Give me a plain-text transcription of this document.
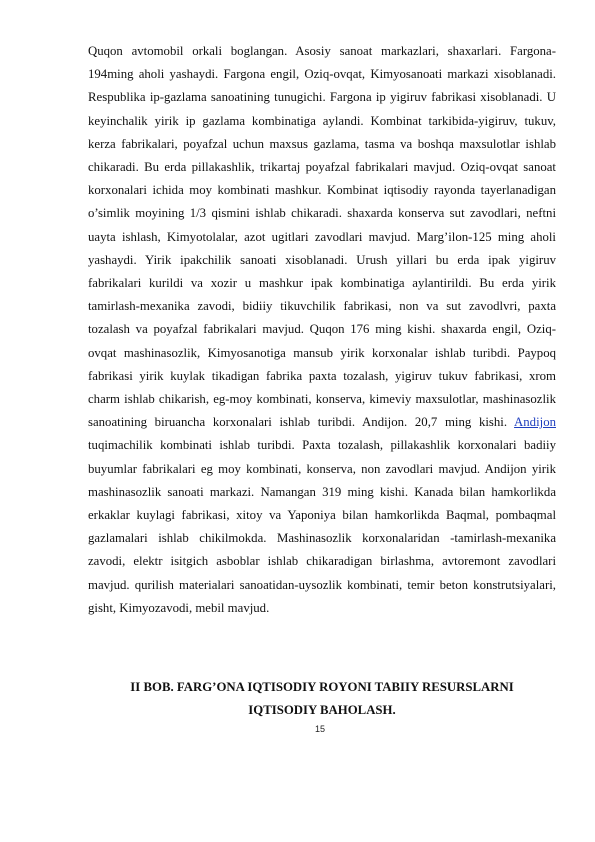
Quqon avtomobil orkali boglangan. Asosiy sanoat markazlari, shaxarlari. Fargona-194ming aholi yashaydi. Fargona engil, Oziq-ovqat, Kimyosanoati markazi xisoblanadi. Respublika ip-gazlama sanoatining tunugichi. Fargona ip yigiruv fabrikasi xisoblanadi. U keyinchalik yirik ip gazlama kombinatiga aylandi. Kombinat tarkibida-yigiruv, tukuv, kerza fabrikalari, poyafzal uchun maxsus gazlama, tasma va boshqa maxsulotlar ishlab chikaradi. Bu erda pillakashlik, trikartaj poyafzal fabrikalari mavjud. Oziq-ovqat sanoat korxonalari ichida moy kombinati mashkur. Kombinat iqtisodiy rayonda tayerlanadigan o’simlik moyining 1/3 qismini ishlab chikaradi. shaxarda konserva sut zavodlari, neftni uayta ishlash, Kimyotolalar, azot ugitlari zavodlari mavjud. Marg’ilon-125 ming aholi yashaydi. Yirik ipakchilik sanoati xisoblanadi. Urush yillari bu erda ipak yigiruv fabrikalari kurildi va xozir u mashkur ipak kombinatiga aylantirildi. Bu erda yirik tamirlash-mexanika zavodi, bidiiy tikuvchilik fabrikasi, non va sut zavodlvri, paxta tozalash va poyafzal fabrikalari mavjud. Quqon 176 ming kishi. shaxarda engil, Oziq-ovqat mashinasozlik, Kimyosanotiga mansub yirik korxonalar ishlab turibdi. Paypoq fabrikasi yirik kuylak tikadigan fabrika paxta tozalash, yigiruv tukuv fabrikasi, xrom charm ishlab chikarish, eg-moy kombinati, konserva, kimeviy maxsulotlar, mashinasozlik sanoatining biruancha korxonalari ishlab turibdi. Andijon. 20,7 ming kishi. Andijon tuqimachilik kombinati ishlab turibdi. Paxta tozalash, pillakashlik korxonalari badiiy buyumlar fabrikalari eg moy kombinati, konserva, non zavodlari mavjud. Andijon yirik mashinasozlik sanoati markazi. Namangan 319 ming kishi. Kanada bilan hamkorlikda erkaklar kuylagi fabrikasi, xitoy va Yaponiya bilan hamkorlikda Baqmal, pombaqmal gazlamalari ishlab chikilmokda. Mashinasozlik korxonalaridan -tamirlash-mexanika zavodi, elektr isitgich asboblar ishlab chikaradigan birlashma, avtoremont zavodlari mavjud. qurilish materialari sanoatidan-uysozlik kombinati, temir beton konstrutsiyalari, gisht, Kimyozavodi, mebil mavjud.

II BOB. FARG’ONA IQTISODIY ROYONI TABIIY RESURSLARNI
IQTISODIY BAHOLASH.
15
